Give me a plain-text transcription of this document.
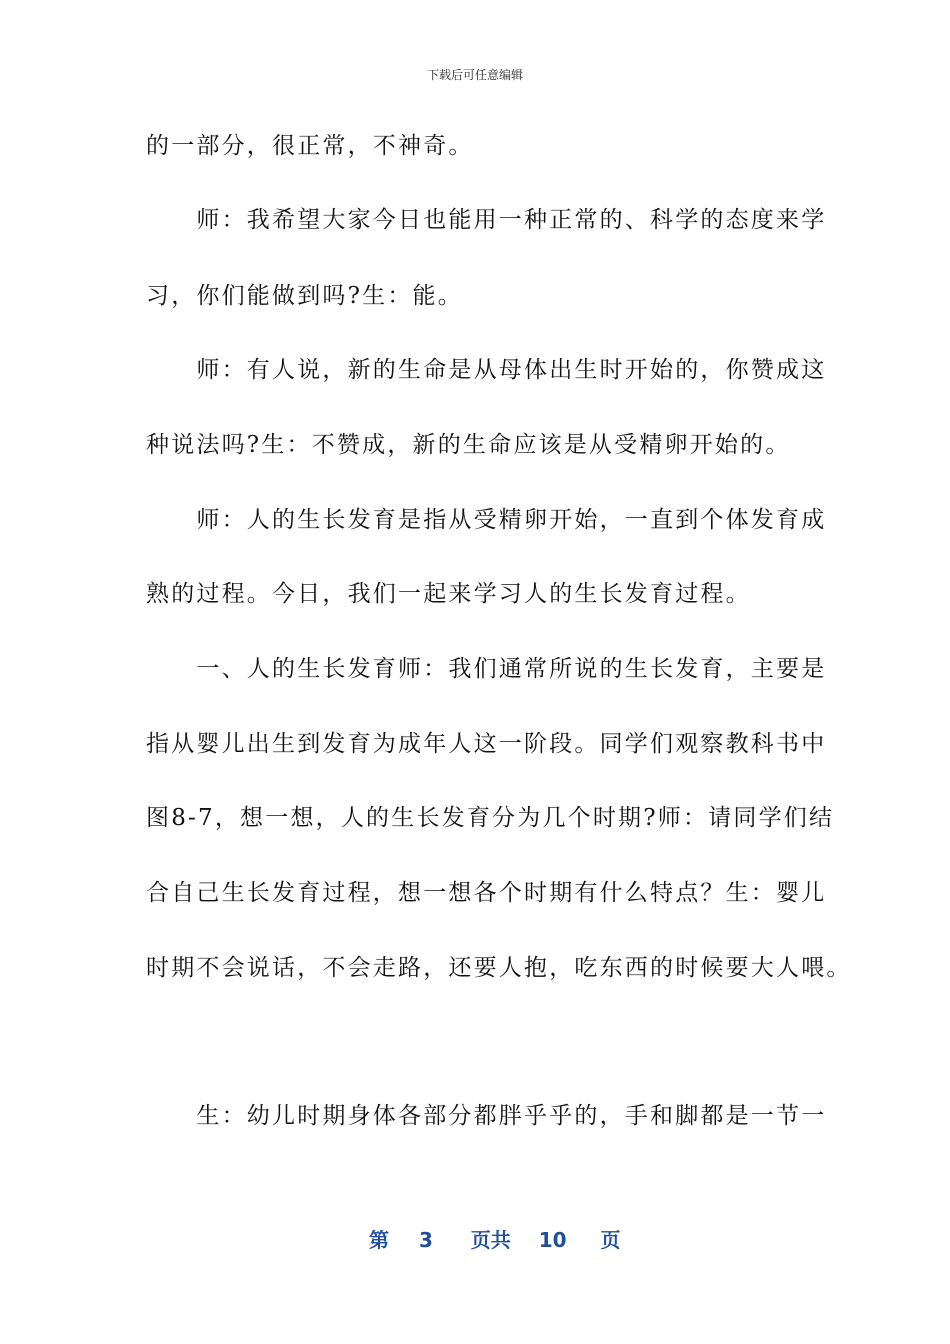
下载后可任意编辑
的一部分，很正常，不神奇。
　　师：我希望大家今日也能用一种正常的、科学的态度来学
习，你们能做到吗?生：能。
　　师：有人说，新的生命是从母体出生时开始的，你赞成这
种说法吗?生：不赞成，新的生命应该是从受精卵开始的。
　　师：人的生长发育是指从受精卵开始，一直到个体发育成
熟的过程。今日，我们一起来学习人的生长发育过程。
　　一、人的生长发育师：我们通常所说的生长发育，主要是
指从婴儿出生到发育为成年人这一阶段。同学们观察教科书中
图8-7，想一想，人的生长发育分为几个时期?师：请同学们结
合自己生长发育过程，想一想各个时期有什么特点？生：婴儿
时期不会说话，不会走路，还要人抱，吃东西的时候要大人喂。
　　生：幼儿时期身体各部分都胖乎乎的，手和脚都是一节一
第 3 页共 10 页
